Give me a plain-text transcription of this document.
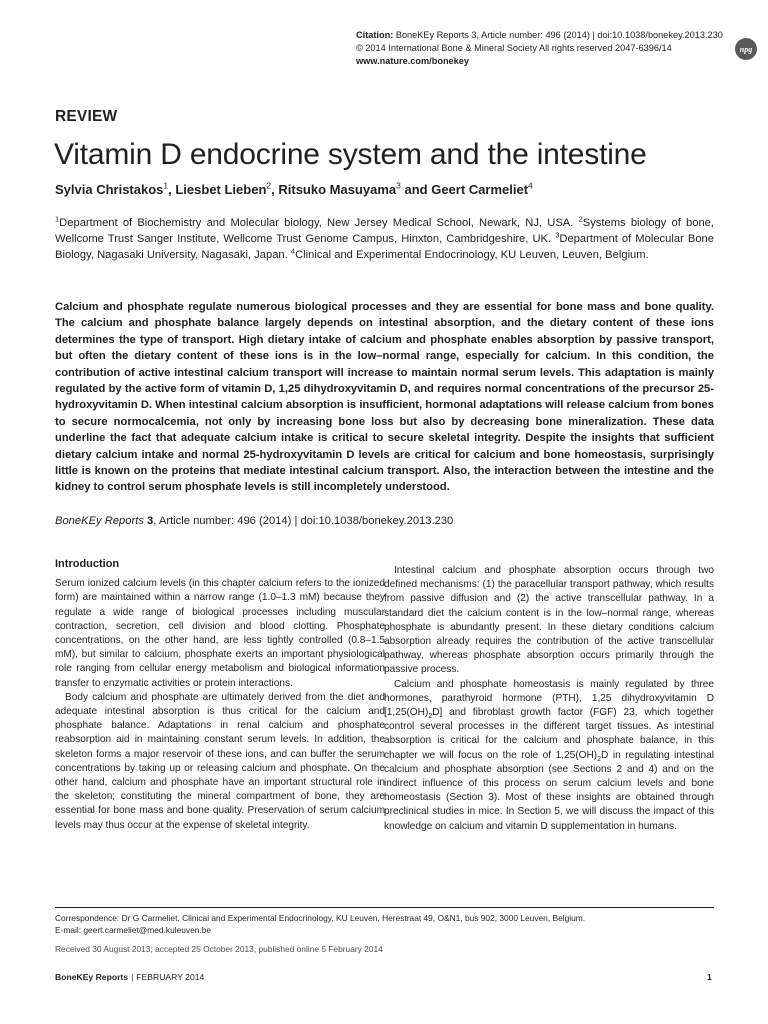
Citation: BoneKEy Reports 3, Article number: 496 (2014) | doi:10.1038/bonekey.2013.230
© 2014 International Bone & Mineral Society All rights reserved 2047-6396/14
www.nature.com/bonekey
npg
REVIEW
Vitamin D endocrine system and the intestine
Sylvia Christakos$^1$, Liesbet Lieben$^2$, Ritsuko Masuyama$^3$ and Geert Carmeliet$^4$
$^1$Department of Biochemistry and Molecular biology, New Jersey Medical School, Newark, NJ, USA. $^2$Systems biology of bone, Wellcome Trust Sanger Institute, Wellcome Trust Genome Campus, Hinxton, Cambridgeshire, UK. $^3$Department of Molecular Bone Biology, Nagasaki University, Nagasaki, Japan. $^4$Clinical and Experimental Endocrinology, KU Leuven, Leuven, Belgium.
Calcium and phosphate regulate numerous biological processes and they are essential for bone mass and bone quality. The calcium and phosphate balance largely depends on intestinal absorption, and the dietary content of these ions determines the type of transport. High dietary intake of calcium and phosphate enables absorption by passive transport, but often the dietary content of these ions is in the low–normal range, especially for calcium. In this condition, the contribution of active intestinal calcium transport will increase to maintain normal serum levels. This adaptation is mainly regulated by the active form of vitamin D, 1,25 dihydroxyvitamin D, and requires normal concentrations of the precursor 25-hydroxyvitamin D. When intestinal calcium absorption is insufficient, hormonal adaptations will release calcium from bones to secure normocalcemia, not only by increasing bone loss but also by decreasing bone mineralization. These data underline the fact that adequate calcium intake is critical to secure skeletal integrity. Despite the insights that sufficient dietary calcium intake and normal 25-hydroxyvitamin D levels are critical for calcium and bone homeostasis, surprisingly little is known on the proteins that mediate intestinal calcium transport. Also, the interaction between the intestine and the kidney to control serum phosphate levels is still incompletely understood.
BoneKEy Reports 3, Article number: 496 (2014) | doi:10.1038/bonekey.2013.230
Introduction

Serum ionized calcium levels (in this chapter calcium refers to the ionized form) are maintained within a narrow range (1.0–1.3 mM) because they regulate a wide range of biological processes including muscular contraction, secretion, cell division and blood clotting. Phosphate concentrations, on the other hand, are less tightly controlled (0.8–1.5 mM), but similar to calcium, phosphate exerts an important physiological role ranging from cellular energy metabolism and biological information transfer to enzymatic activities or protein interactions.

Body calcium and phosphate are ultimately derived from the diet and adequate intestinal absorption is thus critical for the calcium and phosphate balance. Adaptations in renal calcium and phosphate reabsorption aid in maintaining constant serum levels. In addition, the skeleton forms a major reservoir of these ions, and can buffer the serum concentrations by taking up or releasing calcium and phosphate. On the other hand, calcium and phosphate have an important structural role in the skeleton; constituting the mineral compartment of bone, they are essential for bone mass and bone quality. Preservation of serum calcium levels may thus occur at the expense of skeletal integrity.

Intestinal calcium and phosphate absorption occurs through two defined mechanisms: (1) the paracellular transport pathway, which results from passive diffusion and (2) the active transcellular pathway. In a standard diet the calcium content is in the low–normal range, whereas phosphate is abundantly present. In these dietary conditions calcium absorption already requires the contribution of the active transcellular pathway, whereas phosphate absorption occurs primarily through the passive process.

Calcium and phosphate homeostasis is mainly regulated by three hormones, parathyroid hormone (PTH), 1,25 dihydroxyvitamin D $[1,25(OH)_2D]$ and fibroblast growth factor (FGF) 23, which together control several processes in the different target tissues. As intestinal absorption is critical for the calcium and phosphate balance, in this chapter we will focus on the role of $1,25(OH)_2D$ in regulating intestinal calcium and phosphate absorption (see Sections 2 and 4) and on the indirect influence of this process on serum calcium levels and bone homeostasis (Section 3). Most of these insights are obtained through preclinical studies in mice. In Section 5, we will discuss the impact of this knowledge on calcium and vitamin D supplementation in humans.

Correspondence: Dr G Carmeliet, Clinical and Experimental Endocrinology, KU Leuven, Herestraat 49, O&N1, bus 902, 3000 Leuven, Belgium.
E-mail: geert.carmeliet@med.kuleuven.be
Received 30 August 2013; accepted 25 October 2013; published online 5 February 2014
BoneKEy Reports | FEBRUARY 2014	1
